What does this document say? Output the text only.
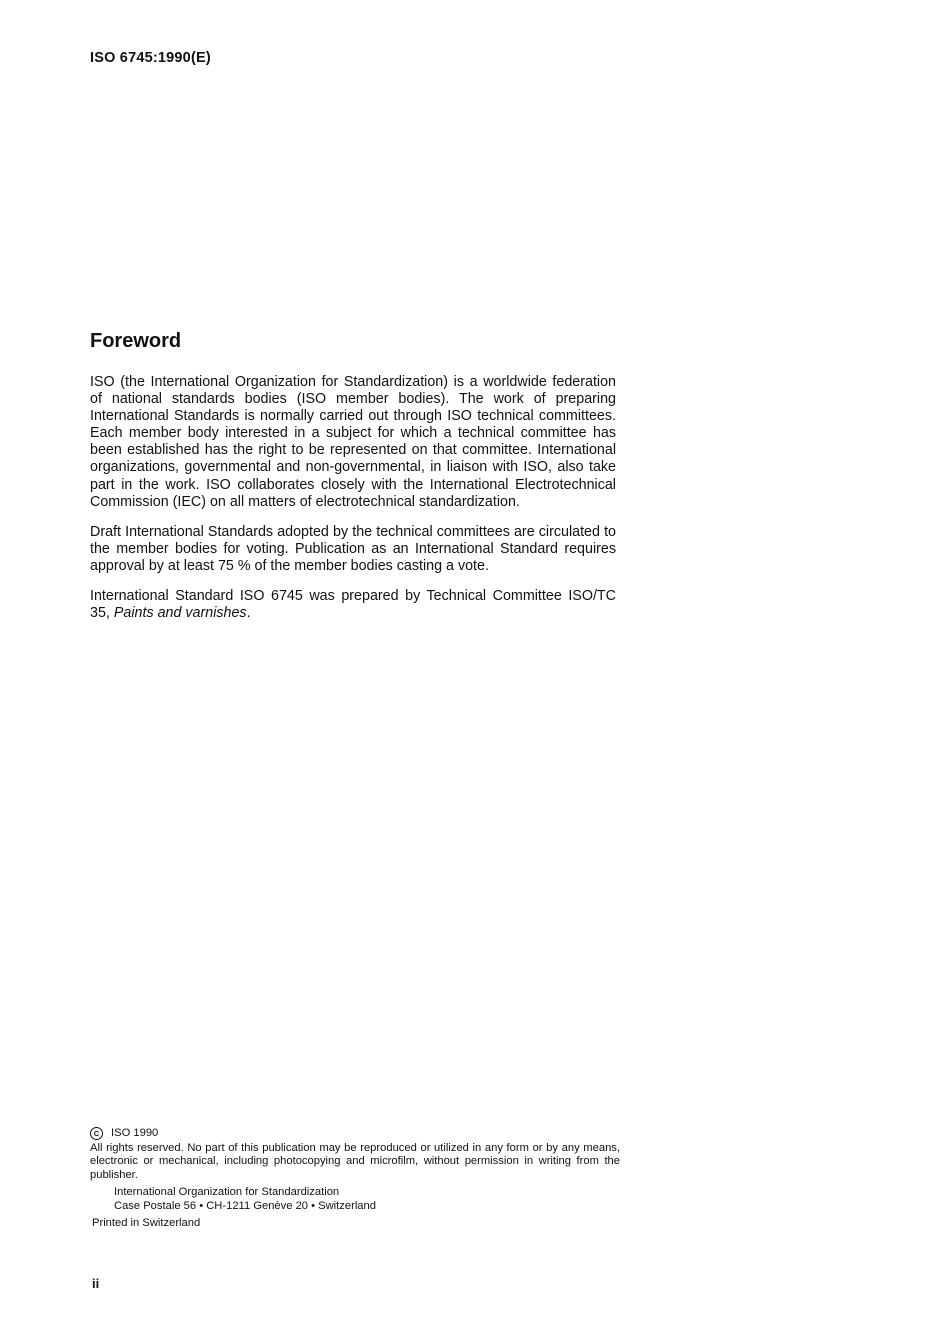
ISO 6745:1990(E)
Foreword

ISO (the International Organization for Standardization) is a worldwide federation of national standards bodies (ISO member bodies). The work of preparing International Standards is normally carried out through ISO technical committees. Each member body interested in a subject for which a technical committee has been established has the right to be represented on that committee. International organizations, governmental and non-governmental, in liaison with ISO, also take part in the work. ISO collaborates closely with the International Electrotechnical Commission (IEC) on all matters of electrotechnical standardization.

Draft International Standards adopted by the technical committees are circulated to the member bodies for voting. Publication as an International Standard requires approval by at least 75 % of the member bodies casting a vote.

International Standard ISO 6745 was prepared by Technical Committee ISO/TC 35, Paints and varnishes.

C	ISO 1990
All rights reserved. No part of this publication may be reproduced or utilized in any form or by any means, electronic or mechanical, including photocopying and microfilm, without permission in writing from the publisher.
International Organization for Standardization
Case Postale 56 • CH-1211 Genève 20 • Switzerland
Printed in Switzerland
ii
